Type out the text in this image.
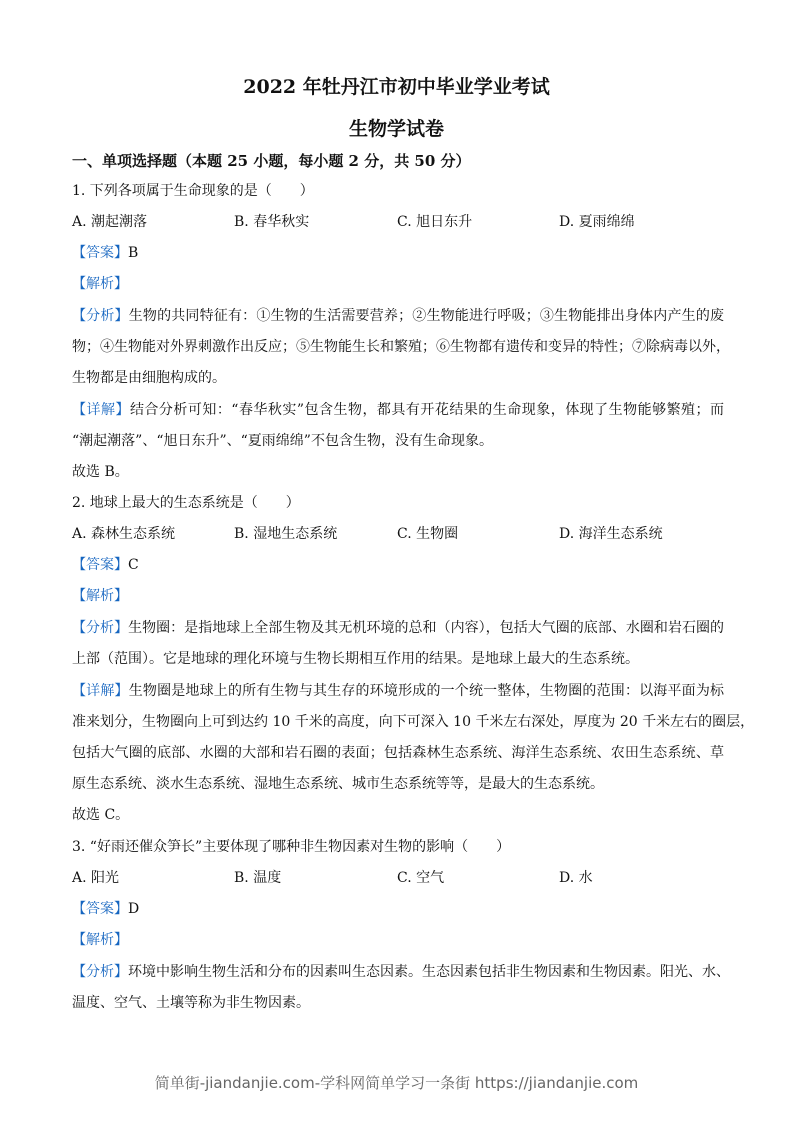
2022 年牡丹江市初中毕业学业考试
生物学试卷
一、单项选择题（本题 25 小题，每小题 2 分，共 50 分）
1. 下列各项属于生命现象的是（　　）
A. 潮起潮落	B. 春华秋实	C. 旭日东升	D. 夏雨绵绵
【答案】B
【解析】
【分析】生物的共同特征有：①生物的生活需要营养；②生物能进行呼吸；③生物能排出身体内产生的废
物；④生物能对外界刺激作出反应；⑤生物能生长和繁殖；⑥生物都有遗传和变异的特性；⑦除病毒以外，
生物都是由细胞构成的。
【详解】结合分析可知：“春华秋实”包含生物，都具有开花结果的生命现象，体现了生物能够繁殖；而
“潮起潮落”、“旭日东升”、“夏雨绵绵”不包含生物，没有生命现象。
故选 B。
2. 地球上最大的生态系统是（　　）
A. 森林生态系统	B. 湿地生态系统	C. 生物圈	D. 海洋生态系统
【答案】C
【解析】
【分析】生物圈：是指地球上全部生物及其无机环境的总和（内容），包括大气圈的底部、水圈和岩石圈的
上部（范围）。它是地球的理化环境与生物长期相互作用的结果。是地球上最大的生态系统。
【详解】生物圈是地球上的所有生物与其生存的环境形成的一个统一整体，生物圈的范围：以海平面为标
准来划分，生物圈向上可到达约 10 千米的高度，向下可深入 10 千米左右深处，厚度为 20 千米左右的圈层，
包括大气圈的底部、水圈的大部和岩石圈的表面；包括森林生态系统、海洋生态系统、农田生态系统、草
原生态系统、淡水生态系统、湿地生态系统、城市生态系统等等，是最大的生态系统。
故选 C。
3. “好雨还催众笋长”主要体现了哪种非生物因素对生物的影响（　　）
A. 阳光	B. 温度	C. 空气	D. 水
【答案】D
【解析】
【分析】环境中影响生物生活和分布的因素叫生态因素。生态因素包括非生物因素和生物因素。阳光、水、
温度、空气、土壤等称为非生物因素。
简单街-jiandanjie.com-学科网简单学习一条街 https://jiandanjie.com
